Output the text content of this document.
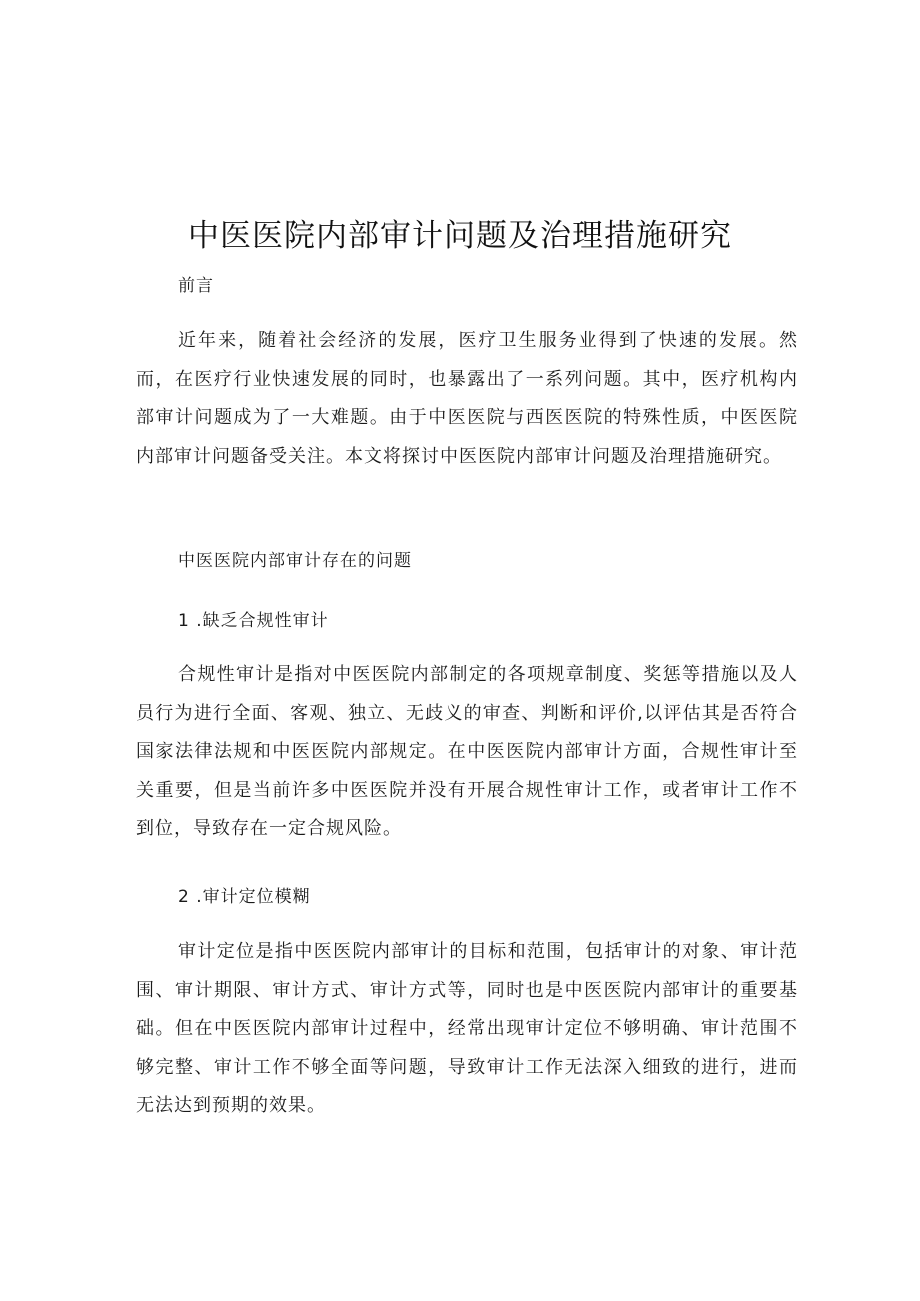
中医医院内部审计问题及治理措施研究

前言

近年来，随着社会经济的发展，医疗卫生服务业得到了快速的发展。然而，在医疗行业快速发展的同时，也暴露出了一系列问题。其中，医疗机构内部审计问题成为了一大难题。由于中医医院与西医医院的特殊性质，中医医院内部审计问题备受关注。本文将探讨中医医院内部审计问题及治理措施研究。

中医医院内部审计存在的问题

1 .缺乏合规性审计

合规性审计是指对中医医院内部制定的各项规章制度、奖惩等措施以及人员行为进行全面、客观、独立、无歧义的审查、判断和评价,以评估其是否符合国家法律法规和中医医院内部规定。在中医医院内部审计方面，合规性审计至关重要，但是当前许多中医医院并没有开展合规性审计工作，或者审计工作不到位，导致存在一定合规风险。

2 .审计定位模糊

审计定位是指中医医院内部审计的目标和范围，包括审计的对象、审计范围、审计期限、审计方式、审计方式等，同时也是中医医院内部审计的重要基础。但在中医医院内部审计过程中，经常出现审计定位不够明确、审计范围不够完整、审计工作不够全面等问题，导致审计工作无法深入细致的进行，进而无法达到预期的效果。
